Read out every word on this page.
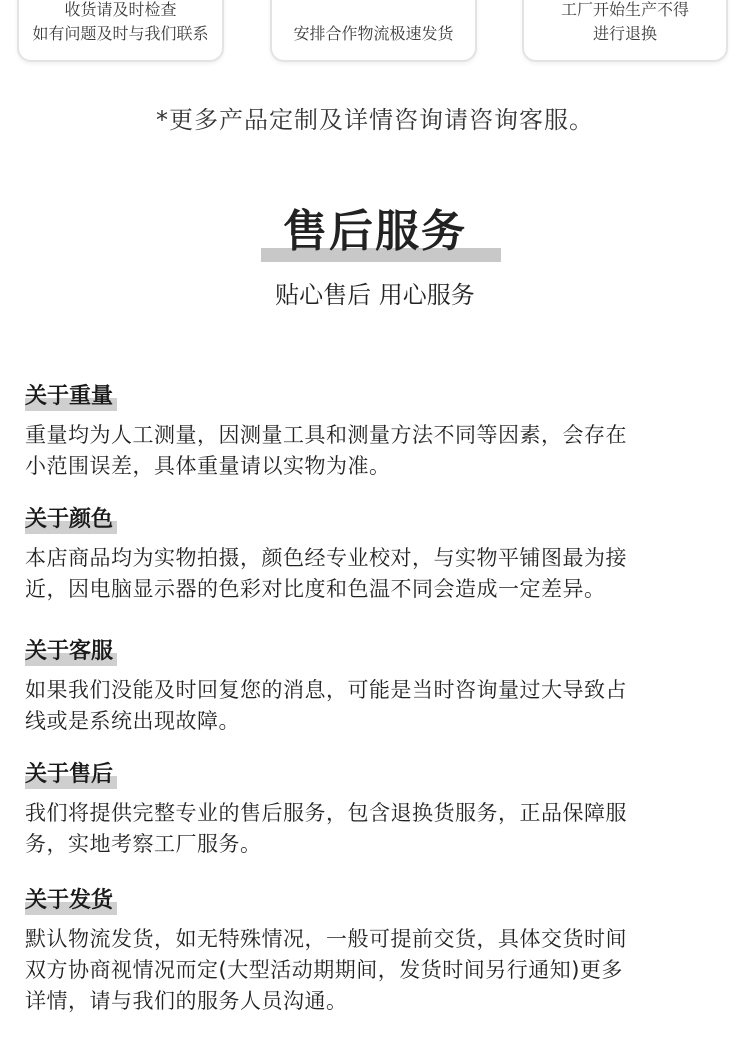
收货请及时检查
如有问题及时与我们联系	安排合作物流极速发货
工厂开始生产不得
进行退换
*更多产品定制及详情咨询请咨询客服。
售后服务
贴心售后 用心服务
关于重量
重量均为人工测量，因测量工具和测量方法不同等因素，会存在
小范围误差，具体重量请以实物为准。
关于颜色
本店商品均为实物拍摄，颜色经专业校对，与实物平铺图最为接
近，因电脑显示器的色彩对比度和色温不同会造成一定差异。
关于客服
如果我们没能及时回复您的消息，可能是当时咨询量过大导致占
线或是系统出现故障。
关于售后
我们将提供完整专业的售后服务，包含退换货服务，正品保障服
务，实地考察工厂服务。
关于发货
默认物流发货，如无特殊情况，一般可提前交货，具体交货时间
双方协商视情况而定(大型活动期期间，发货时间另行通知)更多
详情，请与我们的服务人员沟通。
